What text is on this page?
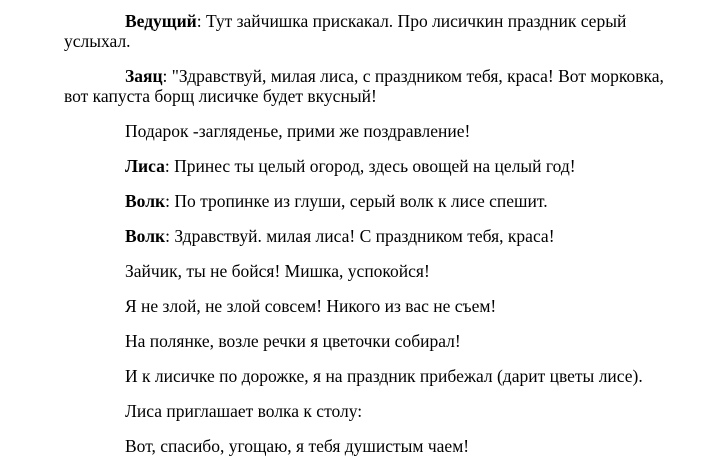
Ведущий: Тут зайчишка прискакал. Про лисичкин праздник серый услыхал.

Заяц: "Здравствуй, милая лиса, с праздником тебя, краса! Вот морковка, вот капуста борщ лисичке будет вкусный!

Подарок -загляденье, прими же поздравление!

Лиса: Принес ты целый огород, здесь овощей на целый год!

Волк: По тропинке из глуши, серый волк к лисе спешит.

Волк: Здравствуй. милая лиса! С праздником тебя, краса!

Зайчик, ты не бойся! Мишка, успокойся!

Я не злой, не злой совсем! Никого из вас не съем!

На полянке, возле речки я цветочки собирал!

И к лисичке по дорожке, я на праздник прибежал (дарит цветы лисе).

Лиса приглашает волка к столу:

Вот, спасибо, угощаю, я тебя душистым чаем!
